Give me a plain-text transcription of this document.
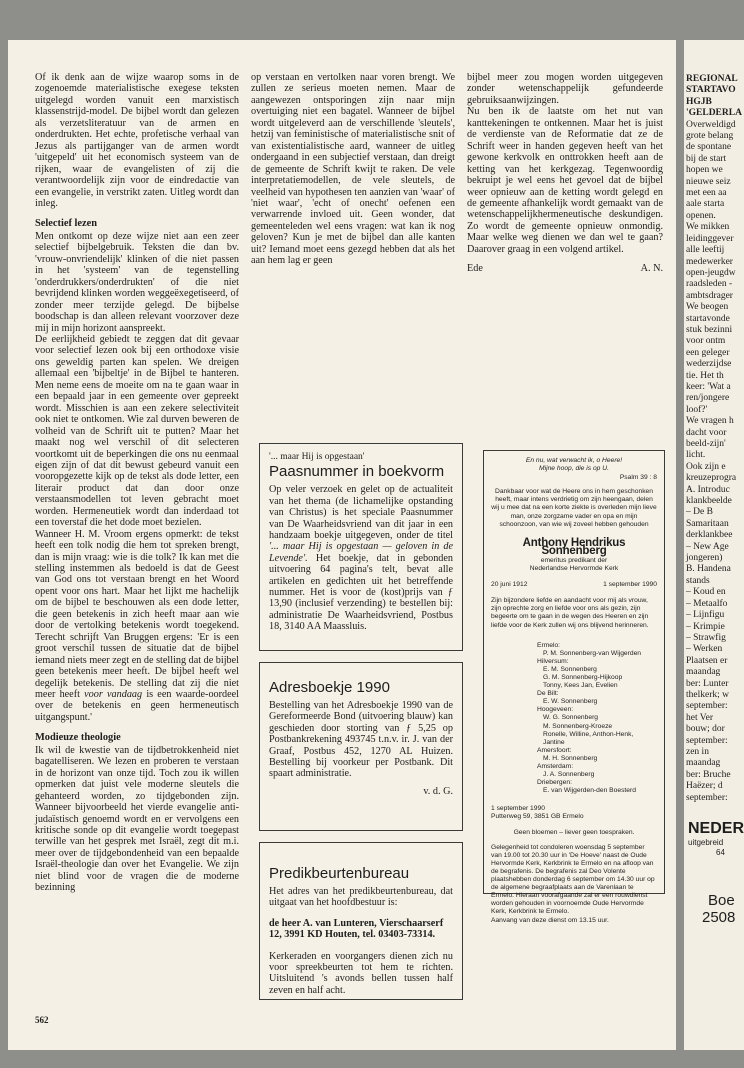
Of ik denk aan de wijze waarop soms in de zogenoemde materialistische exegese teksten uitgelegd worden vanuit een marxistisch klassenstrijd-model. De bijbel wordt dan gelezen als verzetsliteratuur van de armen en onderdrukten. Het echte, profetische verhaal van Jezus als partijganger van de armen wordt 'uitgepeld' uit het economisch systeem van de rijken, waar de evangelisten of zij die verantwoordelijk zijn voor de eindredactie van een evangelie, in verstrikt zaten. Uitleg wordt dan inleg.

Selectief lezen

Men ontkomt op deze wijze niet aan een zeer selectief bijbelgebruik. Teksten die dan bv. 'vrouw-onvriendelijk' klinken of die niet passen in het 'systeem' van de tegenstelling 'onderdrukkers/onderdrukten' of die niet bevrijdend klinken worden weggeëxegetiseerd, of zonder meer terzijde gelegd. De bijbelse boodschap is dan alleen relevant voorzover deze mij in mijn horizont aanspreekt.

De eerlijkheid gebiedt te zeggen dat dit gevaar voor selectief lezen ook bij een orthodoxe visie ons geweldig parten kan spelen. We dreigen allemaal een 'bijbeltje' in de Bijbel te hanteren. Men neme eens de moeite om na te gaan waar in een bepaald jaar in een gemeente over gepreekt wordt. Misschien is aan een zekere selectiviteit ook niet te ontkomen. Wie zal durven beweren de volheid van de Schrift uit te putten? Maar het maakt nog wel verschil of dit selecteren voortkomt uit de beperkingen die ons nu eenmaal eigen zijn of dat dit bewust gebeurd vanuit een vooropgezette kijk op de tekst als dode letter, een literair product dat dan door onze verstaansmodellen tot leven gebracht moet worden. Hermeneutiek wordt dan inderdaad tot een toverstaf die het dode moet bezielen.

Wanneer H. M. Vroom ergens opmerkt: de tekst heeft een tolk nodig die hem tot spreken brengt, dan is mijn vraag: wie is die tolk? Ik kan met die stelling instemmen als bedoeld is dat de Geest van God ons tot verstaan brengt en het Woord opent voor ons hart. Maar het lijkt me hachelijk om de bijbel te beschouwen als een dode letter, die geen betekenis in zich heeft maar aan wie door de vertolking betekenis wordt toegekend. Terecht schrijft Van Bruggen ergens: 'Er is een groot verschil tussen de situatie dat de bijbel iemand niets meer zegt en de stelling dat de bijbel geen betekenis meer heeft. De bijbel heeft wel degelijk betekenis. De stelling dat zij die niet meer heeft voor vandaag is een waarde-oordeel over de betekenis en geen hermeneutisch uitgangspunt.'

Modieuze theologie

Ik wil de kwestie van de tijdbetrokkenheid niet bagatelliseren. We lezen en proberen te verstaan in de horizont van onze tijd. Toch zou ik willen opmerken dat juist vele moderne sleutels die gehanteerd worden, zo tijdgebonden zijn. Wanneer bijvoorbeeld het vierde evangelie anti-judaïstisch genoemd wordt en er vervolgens een kritische sonde op dit evangelie wordt toegepast terwille van het gesprek met Israël, zegt dit m.i. meer over de tijdgebondenheid van een bepaalde Israël-theologie dan over het Evangelie. We zijn niet blind voor de vragen die de moderne bezinning

op verstaan en vertolken naar voren brengt. We zullen ze serieus moeten nemen. Maar de aangewezen ontsporingen zijn naar mijn overtuiging niet een bagatel. Wanneer de bijbel wordt uitgeleverd aan de verschillende 'sleutels', hetzij van feministische of materialistische snit of van existentialistische aard, wanneer de uitleg ondergaand in een subjectief verstaan, dan dreigt de gemeente de Schrift kwijt te raken. De vele interpretatiemodellen, de vele sleutels, de veelheid van hypothesen ten aanzien van 'waar' of 'niet waar', 'echt of onecht' oefenen een verwarrende invloed uit. Geen wonder, dat gemeenteleden wel eens vragen: wat kan ik nog geloven? Kun je met de bijbel dan alle kanten uit? Iemand moet eens gezegd hebben dat als het aan hem lag er geen

bijbel meer zou mogen worden uitgegeven zonder wetenschappelijk gefundeerde gebruiksaanwijzingen.

Nu ben ik de laatste om het nut van kanttekeningen te ontkennen. Maar het is juist de verdienste van de Reformatie dat ze de Schrift weer in handen gegeven heeft van het gewone kerkvolk en onttrokken heeft aan de ketting van het kerkgezag. Tegenwoordig bekruipt je wel eens het gevoel dat de bijbel weer opnieuw aan de ketting wordt gelegd en de gemeente afhankelijk wordt gemaakt van de wetenschappelijkhermeneutische deskundigen. Zo wordt de gemeente opnieuw onmondig. Maar welke weg dienen we dan wel te gaan? Daarover graag in een volgend artikel.

Ede	A. N.

'... maar Hij is opgestaan'

Paasnummer in boekvorm

Op veler verzoek en gelet op de actualiteit van het thema (de lichamelijke opstanding van Christus) is het speciale Paasnummer van De Waarheidsvriend van dit jaar in een handzaam boekje uitgegeven, onder de titel '... maar Hij is opgestaan — geloven in de Levende'. Het boekje, dat in gebonden uitvoering 64 pagina's telt, bevat alle artikelen en gedichten uit het betreffende nummer. Het is voor de (kost)prijs van ƒ 13,90 (inclusief verzending) te bestellen bij: administratie De Waarheidsvriend, Postbus 18, 3140 AA Maassluis.

Adresboekje 1990

Bestelling van het Adresboekje 1990 van de Gereformeerde Bond (uitvoering blauw) kan geschieden door storting van ƒ 5,25 op Postbankrekening 493745 t.n.v. ir. J. van der Graaf, Postbus 452, 1270 AL Huizen. Bestelling bij voorkeur per Postbank. Dit spaart administratie.

v. d. G.

Predikbeurtenbureau

Het adres van het predikbeurtenbureau, dat uitgaat van het hoofdbestuur is:

de heer A. van Lunteren, Vierschaarserf 12, 3991 KD Houten, tel. 03403-73314.

Kerkeraden en voorgangers dienen zich nu voor spreekbeurten tot hem te richten. Uitsluitend 's avonds bellen tussen half zeven en half acht.

En nu, wat verwacht ik, o Heere!

Mijne hoop, die is op U.

Psalm 39 : 8

Dankbaar voor wat de Heere ons in hem geschonken heeft, maar intens verdrietig om zijn heengaan, delen wij u mee dat na een korte ziekte is overleden mijn lieve man, onze zorgzame vader en opa en mijn schoonzoon, van wie wij zoveel hebben gehouden

Anthony Hendrikus Sonnenberg

emeritus predikant der

Nederlandse Hervormde Kerk

20 juni 1912	1 september 1990

Zijn bijzondere liefde en aandacht voor mij als vrouw, zijn oprechte zorg en liefde voor ons als gezin, zijn begeerte om te gaan in de wegen des Heeren en zijn liefde voor de Kerk zullen wij ons blijvend herinneren.

Ermelo:
P. M. Sonnenberg-van Wijgerden
Hilversum:
E. M. Sonnenberg
G. M. Sonnenberg-Hijkoop
Tonny, Kees Jan, Evelien
De Bilt:
E. W. Sonnenberg
Hoogeveen:
W. G. Sonnenberg
M. Sonnenberg-Kroeze
Ronelle, Willine, Anthon-Henk,
Jantine
Amersfoort:
M. H. Sonnenberg
Amsterdam:
J. A. Sonnenberg
Driebergen:
E. van Wijgerden-den Boesterd

1 september 1990

Putterweg 59, 3851 GB Ermelo

Geen bloemen – liever geen toespraken.

Gelegenheid tot condoleren woensdag 5 september van 19.00 tot 20.30 uur in 'De Hoeve' naast de Oude Hervormde Kerk, Kerkbrink te Ermelo en na afloop van de begrafenis. De begrafenis zal Deo Volente plaatshebben donderdag 6 september om 14.30 uur op de algemene begraafplaats aan de Varenlaan te Ermelo. Hieraan voorafgaande zal er een rouwdienst worden gehouden in voornoemde Oude Hervormde Kerk, Kerkbrink te Ermelo.

Aanvang van deze dienst om 13.15 uur.

562
REGIONAL
STARTAVO
HGJB
'GELDERLA
Overweldigd
grote belang
de spontane
bij de start
hopen we
nieuwe seiz
met een aa
aale starta
openen.
We mikken
leidinggever
alle leeftij
medewerker
open-jeugdw
raadsleden -
ambtsdrager
We beogen
startavonde
stuk bezinni
voor ontm
een geleger
wederzijdse
tie. Het th
keer: 'Wat a
ren/jongere
loof?'
We vragen h
dacht voor
beeld-zijn'
licht.
Ook zijn e
kreuzeprogra
A. Introduc
klankbeelde
– De B
Samaritaan
derklankbee
– New Age
jongeren)
B. Handena
stands
– Koud en
– Metaalfo
– Lijnfigu
– Krimpie
– Strawfig
– Werken
Plaatsen er
maandag
ber: Lunter
thelkerk; w
september:
het Ver
bouw; dor
september:
zen in
maandag
ber: Bruche
Haëzer; d
september:
NEDER
uitgebreid
64
Boe
2508
